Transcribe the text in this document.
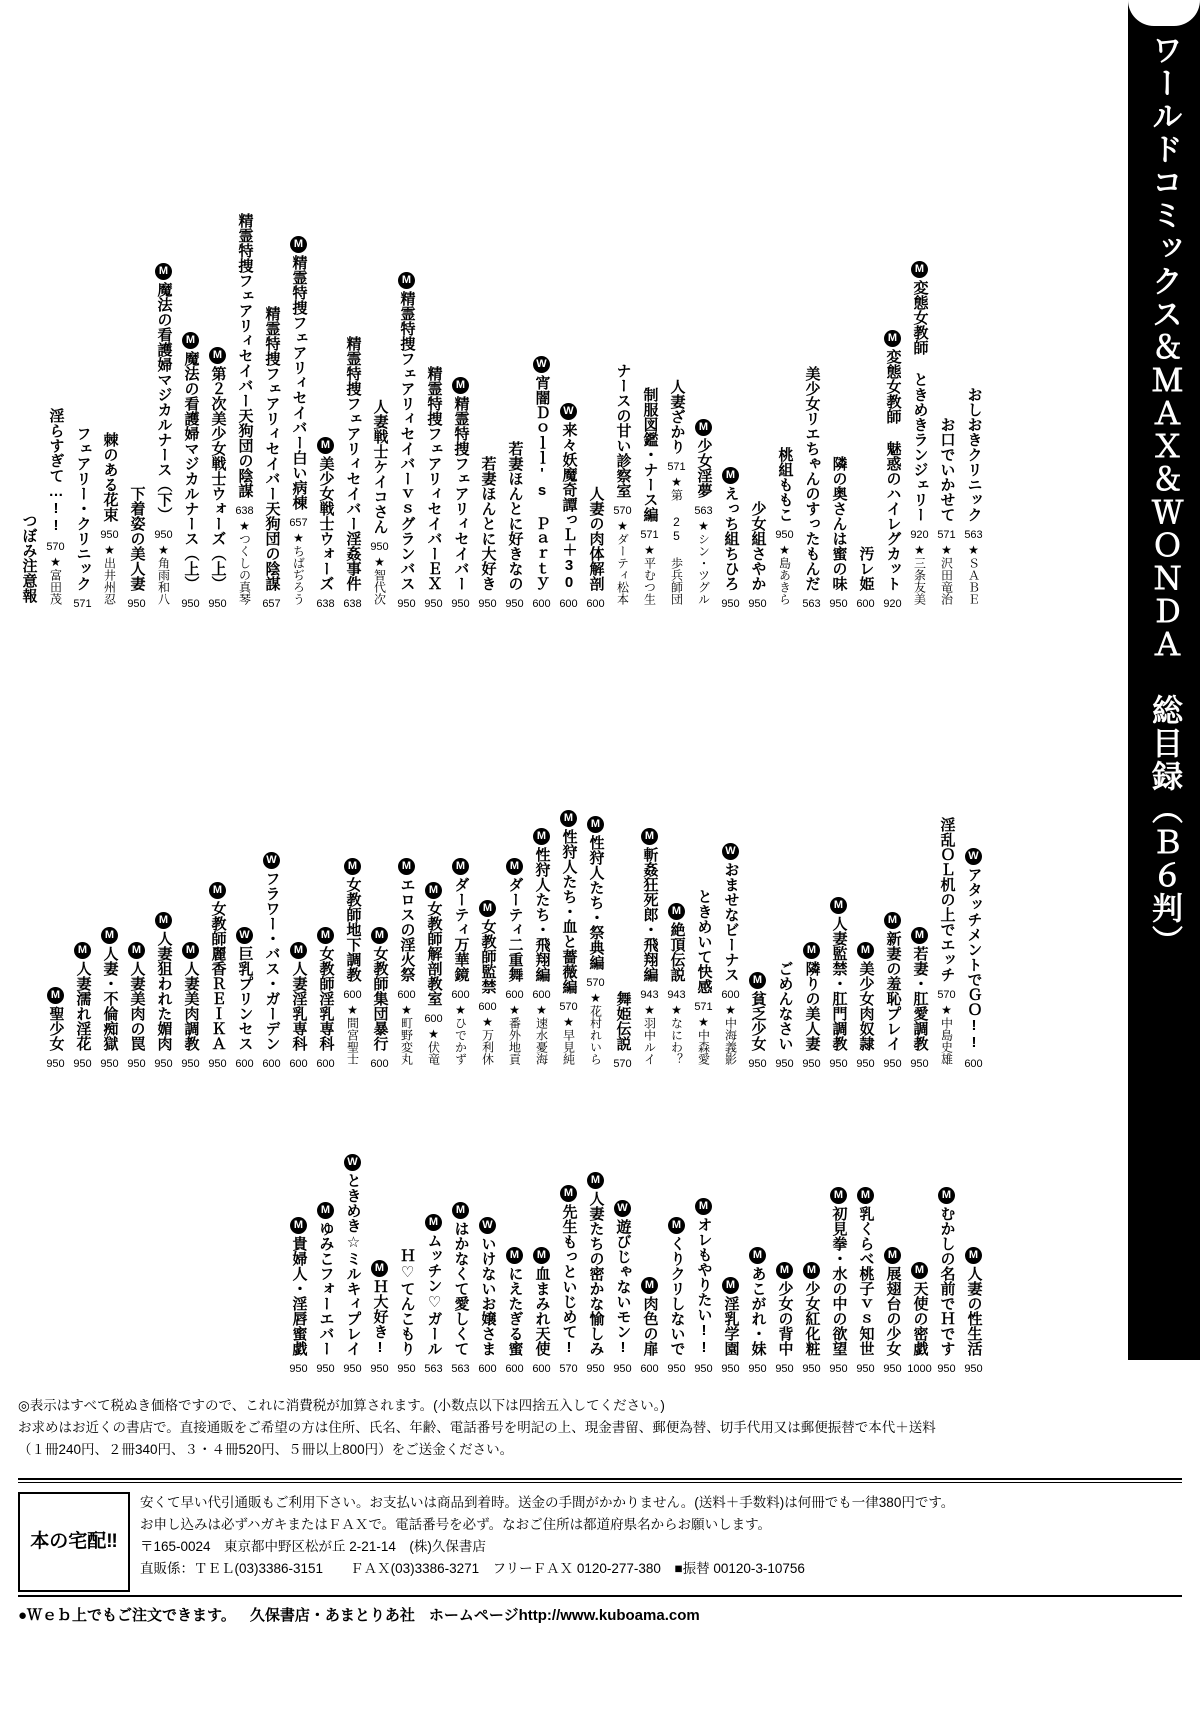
ワールドコミックス＆ＭＡＸ＆ＷＯＮＤＡ　総目録（Ｂ６判）
おしおきクリニック
563
★ＳＡＢＥ
お口でいかせて
571
★沢田竜治
M
変態女教師 ときめきランジェリー
920
★三条友美
M
変態女教師 魅惑のハイレグカット
920
汚レ姫
600
隣の奥さんは蜜の味
950
美少女リエちゃんのすったもんだ
563
桃組ももこ
950
★島あきら
少女組さやか
950
M
えっち組ちひろ
950
M
少女淫夢
563
★シン・ツグル
人妻ざかり
571
★第 25 歩兵師団
制服図鑑・ナース編
571
★平むつ生
ナースの甘い診察室
570
★ダーティ松本
人妻の肉体解剖
600
W
来々妖魔奇譚っＬ＋30
600
W
宵闇Ｄｏｌｌ's Ｐａｒｔｙ
600
若妻ほんとに好きなの
950
若妻ほんとに大好き
950
M
精霊特捜フェアリィセイバー
950
精霊特捜フェアリィセイバーＥＸ
950
M
精霊特捜フェアリィセイバーｖｓグランバス
950
人妻戦士ケイコさん
950
★智代次
精霊特捜フェアリィセイバー淫姦事件
638
M
美少女戦士ウォーズ
638
M
精霊特捜フェアリィセイバー白い病棟
657
★ちばぢろう
精霊特捜フェアリィセイバー天狗団の陰謀
657
精霊特捜フェアリィセイバー天狗団の陰謀
638
★つくしの真琴
M
第２次美少女戦士ウォーズ（上）
950
M
魔法の看護婦マジカルナース（上）
950
M
魔法の看護婦マジカルナース（下）
950
★角雨和八
下着姿の美人妻
950
棘のある花束
950
★出井州忍
フェアリー・クリニック
571
淫らすぎて…!!
570
★富田茂
つぼみ注意報
W
アタッチメントでＧＯ!!
600
淫乱ＯＬ机の上でエッチ
570
★中島史雄
M
若妻・肛愛調教
950
M
新妻の羞恥プレイ
950
M
美少女肉奴隷
950
M
人妻監禁・肛門調教
950
M
隣りの美人妻
950
ごめんなさい
950
M
貧乏少女
950
W
おませなビーナス
600
★中海義影
ときめいて快感
571
★中森愛
M
絶頂伝説
943
★なにわ？
M
斬姦狂死郎・飛翔編
943
★羽中ルイ
舞姫伝説
570
M
性狩人たち・祭典編
570
★花村れいら
M
性狩人たち・血と薔薇編
570
★早見純
M
性狩人たち・飛翔編
600
★速水憂海
M
ダーティ二重舞
600
★番外地貢
M
女教師監禁
600
★万利休
M
ダーティ万華鏡
600
★ひでかず
M
女教師解剖教室
600
★伏竜
M
エロスの淫火祭
600
★町野変丸
M
女教師集団暴行
600
M
女教師地下調教
600
★間宮聖士
M
女教師淫乳専科
600
M
人妻淫乳専科
600
W
フラワー・バス・ガーデン
600
W
巨乳プリンセス
600
M
女教師麗香ＲＥＩＫＡ
950
M
人妻美肉調教
950
M
人妻狙われた媚肉
950
M
人妻美肉の罠
950
M
人妻・不倫痴獄
950
M
人妻濡れ淫花
950
M
聖少女
950
M
人妻の性生活
950
M
むかしの名前でＨです
950
M
天使の密戯
1000
M
展翅台の少女
950
M
乳くらべ桃子ｖｓ知世
950
M
初見拳・水の中の欲望
950
M
少女紅化粧
950
M
少女の背中
950
M
あこがれ・妹
950
M
淫乳学園
950
M
オレもやりたい!!
950
M
くりクリしないで
950
M
肉色の扉
600
W
遊びじゃないモン!
950
M
人妻たちの密かな愉しみ
950
M
先生もっといじめて!
570
M
血まみれ天使
600
M
にえたぎる蜜
600
W
いけないお嬢さま
600
M
はかなくて愛しくて
563
M
ムッチン♡ガール
563
Ｈ♡てんこもり
950
M
Ｈ大好き!
950
W
ときめき☆ミルキィプレイ
950
M
ゆみこフォーエバー
950
M
貴婦人・淫唇蜜戯
950

◎表示はすべて税ぬき価格ですので、これに消費税が加算されます。(小数点以下は四捨五入してください。)

お求めはお近くの書店で。直接通販をご希望の方は住所、氏名、年齢、電話番号を明記の上、現金書留、郵便為替、切手代用又は郵便振替で本代＋送料

（１冊240円、２冊340円、３・４冊520円、５冊以上800円）をご送金ください。

本の宅配‼

安くて早い代引通販もご利用下さい。お支払いは商品到着時。送金の手間がかかりません。(送料＋手数料)は何冊でも一律380円です。

お申し込みは必ずハガキまたはＦＡＸで。電話番号を必ず。なおご住所は都道府県名からお願いします。

〒165-0024　東京都中野区松が丘 2-21-14　(株)久保書店

直販係：ＴＥＬ(03)3386-3151　　ＦＡＸ(03)3386-3271　フリーＦＡＸ 0120-277-380　■振替 00120-3-10756

●Ｗｅｂ上でもご注文できます。 久保書店・あまとりあ社 ホームページhttp://www.kuboama.com
